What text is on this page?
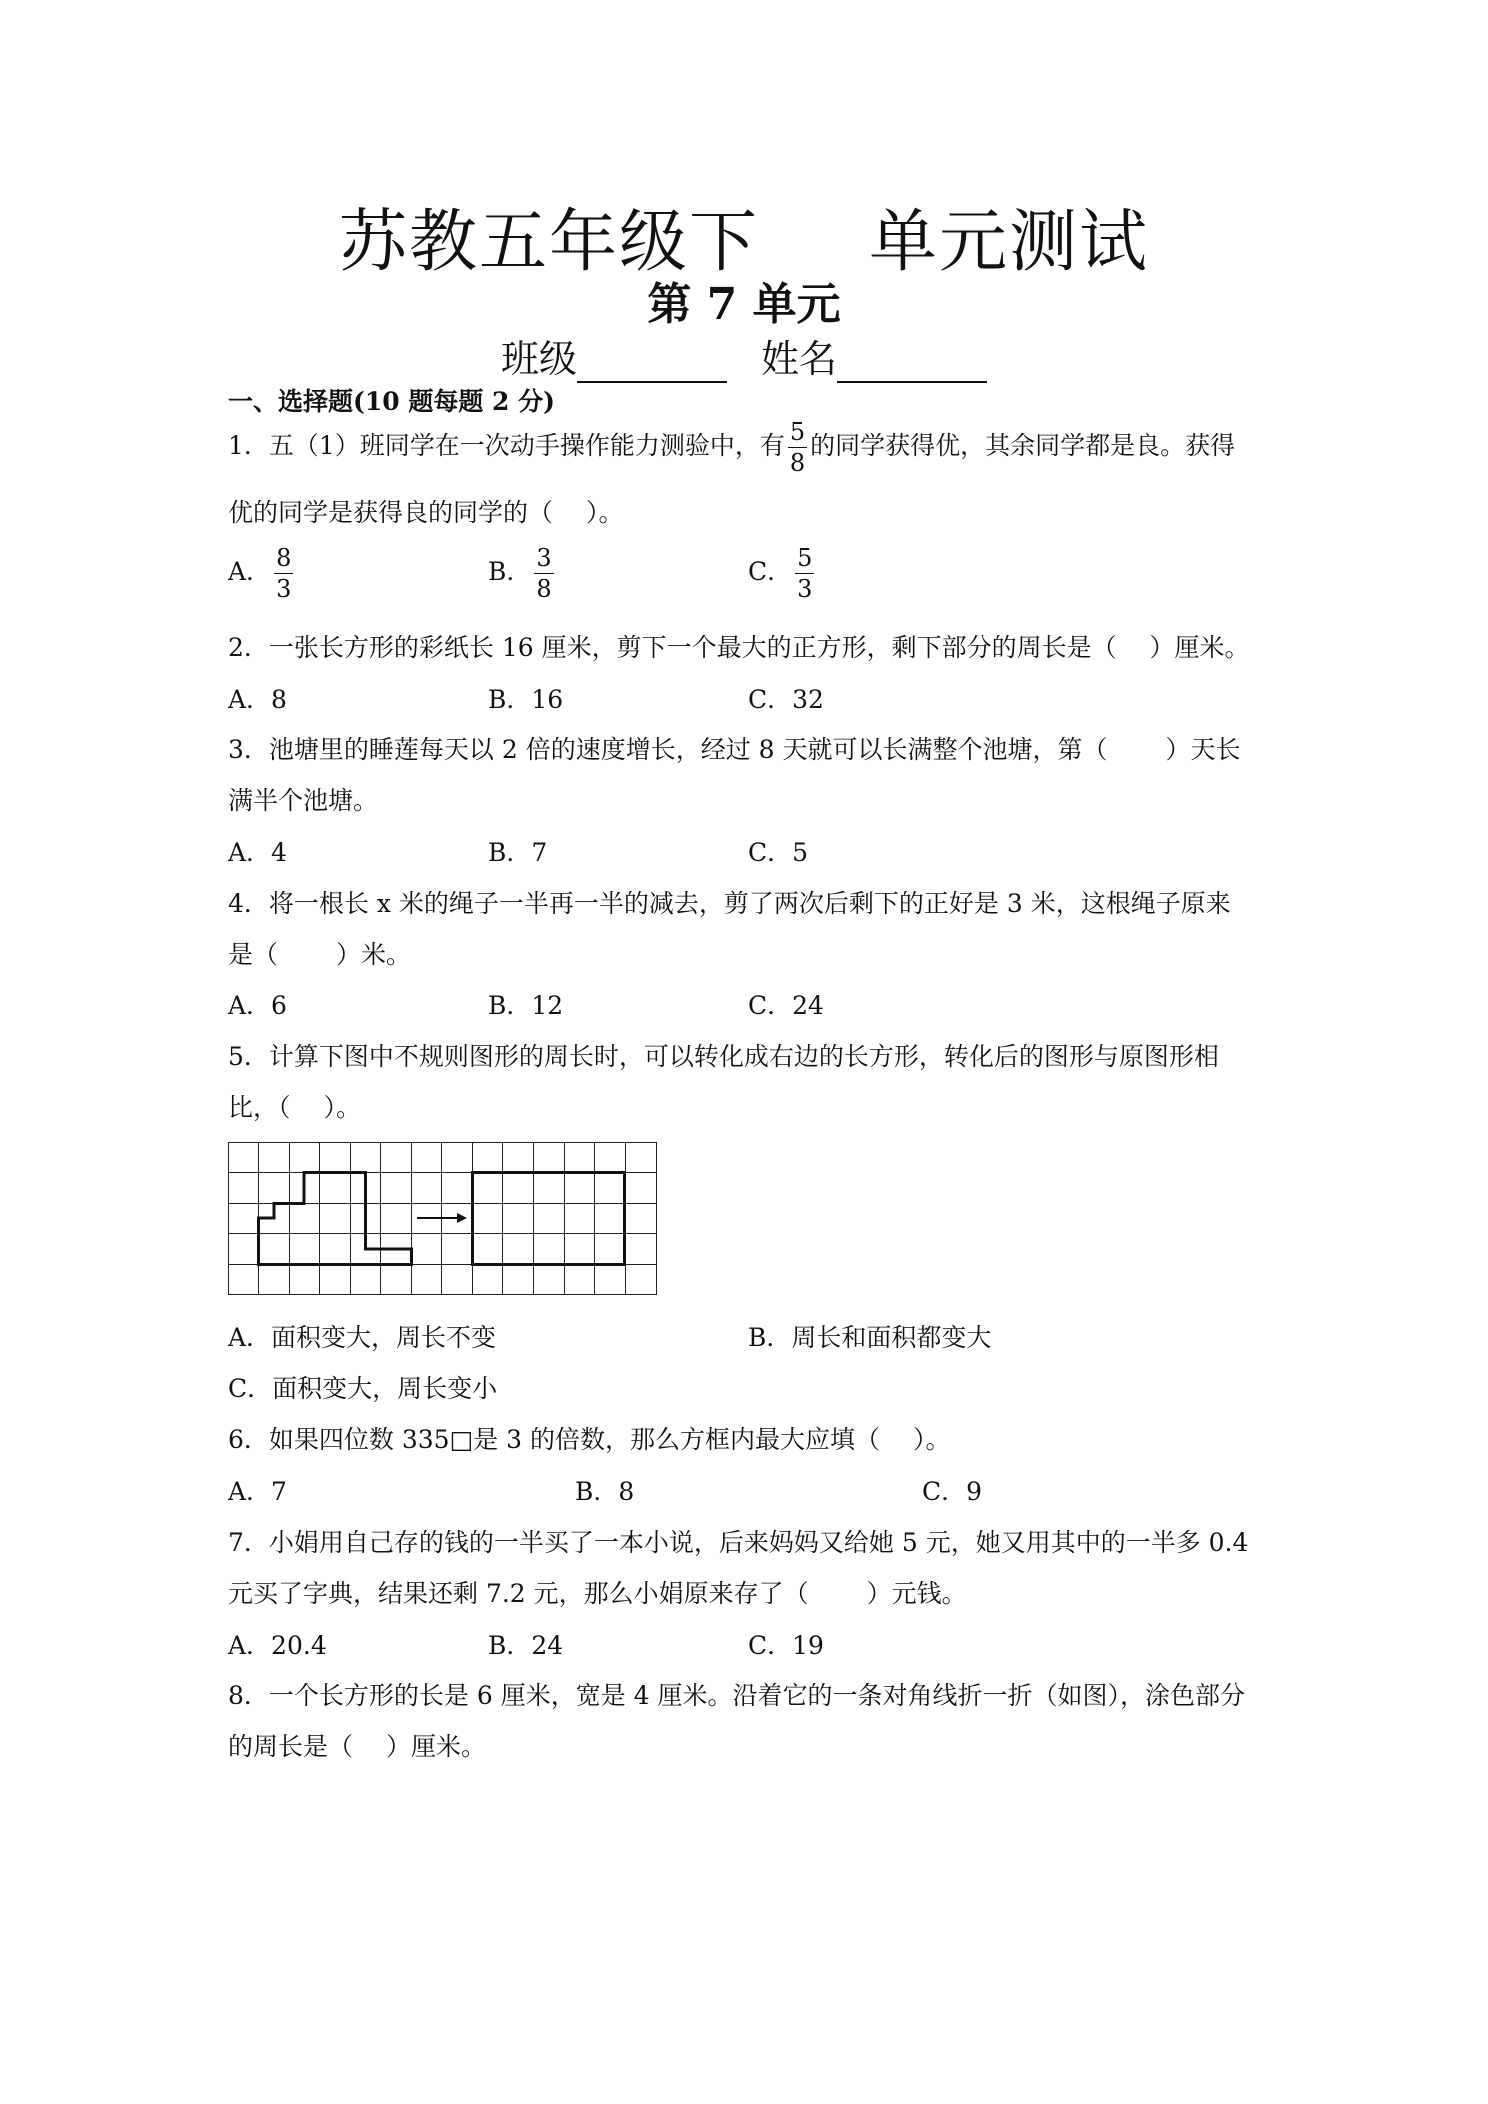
苏教五年级下 单元测试
第 7 单元
班级	姓名
一、选择题(10 题每题 2 分)
1．五（1）班同学在一次动手操作能力测验中，有 $\frac{5}{8}$ 的同学获得优，其余同学都是良。获得
优的同学是获得良的同学的（　 ）。
A． $\frac{8}{3}$	B． $\frac{3}{8}$	C． $\frac{5}{3}$
2．一张长方形的彩纸长 16 厘米，剪下一个最大的正方形，剩下部分的周长是（　 ）厘米。
A．8	B．16	C．32
3．池塘里的睡莲每天以 2 倍的速度增长，经过 8 天就可以长满整个池塘，第（　　 ）天长
满半个池塘。
A．4	B．7	C．5
4．将一根长 x 米的绳子一半再一半的减去，剪了两次后剩下的正好是 3 米，这根绳子原来
是（　　 ）米。
A．6	B．12	C．24
5．计算下图中不规则图形的周长时，可以转化成右边的长方形，转化后的图形与原图形相
比，（　 ）。
A．面积变大，周长不变	B．周长和面积都变大
C．面积变大，周长变小
6．如果四位数 335□是 3 的倍数，那么方框内最大应填（　 ）。
A．7	B．8	C．9
7．小娟用自己存的钱的一半买了一本小说，后来妈妈又给她 5 元，她又用其中的一半多 0.4
元买了字典，结果还剩 7.2 元，那么小娟原来存了（　　 ）元钱。
A．20.4	B．24	C．19
8．一个长方形的长是 6 厘米，宽是 4 厘米。沿着它的一条对角线折一折（如图），涂色部分
的周长是（　 ）厘米。
